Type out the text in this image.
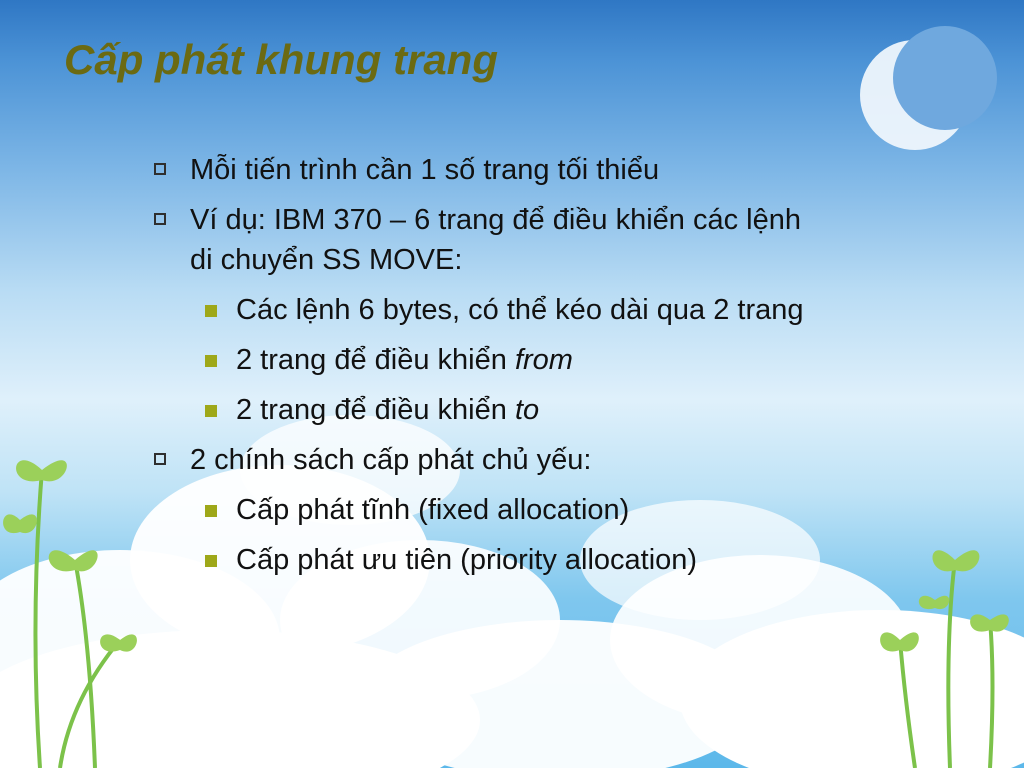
Cấp phát khung trang
Mỗi tiến trình cần 1 số trang tối thiểu
Ví dụ: IBM 370 – 6 trang để điều khiển các lệnh
di chuyển SS MOVE:
Các lệnh 6 bytes, có thể kéo dài qua 2 trang
2 trang để điều khiển from
2 trang để điều khiển to
2 chính sách cấp phát chủ yếu:
Cấp phát tĩnh (fixed allocation)
Cấp phát ưu tiên (priority allocation)
